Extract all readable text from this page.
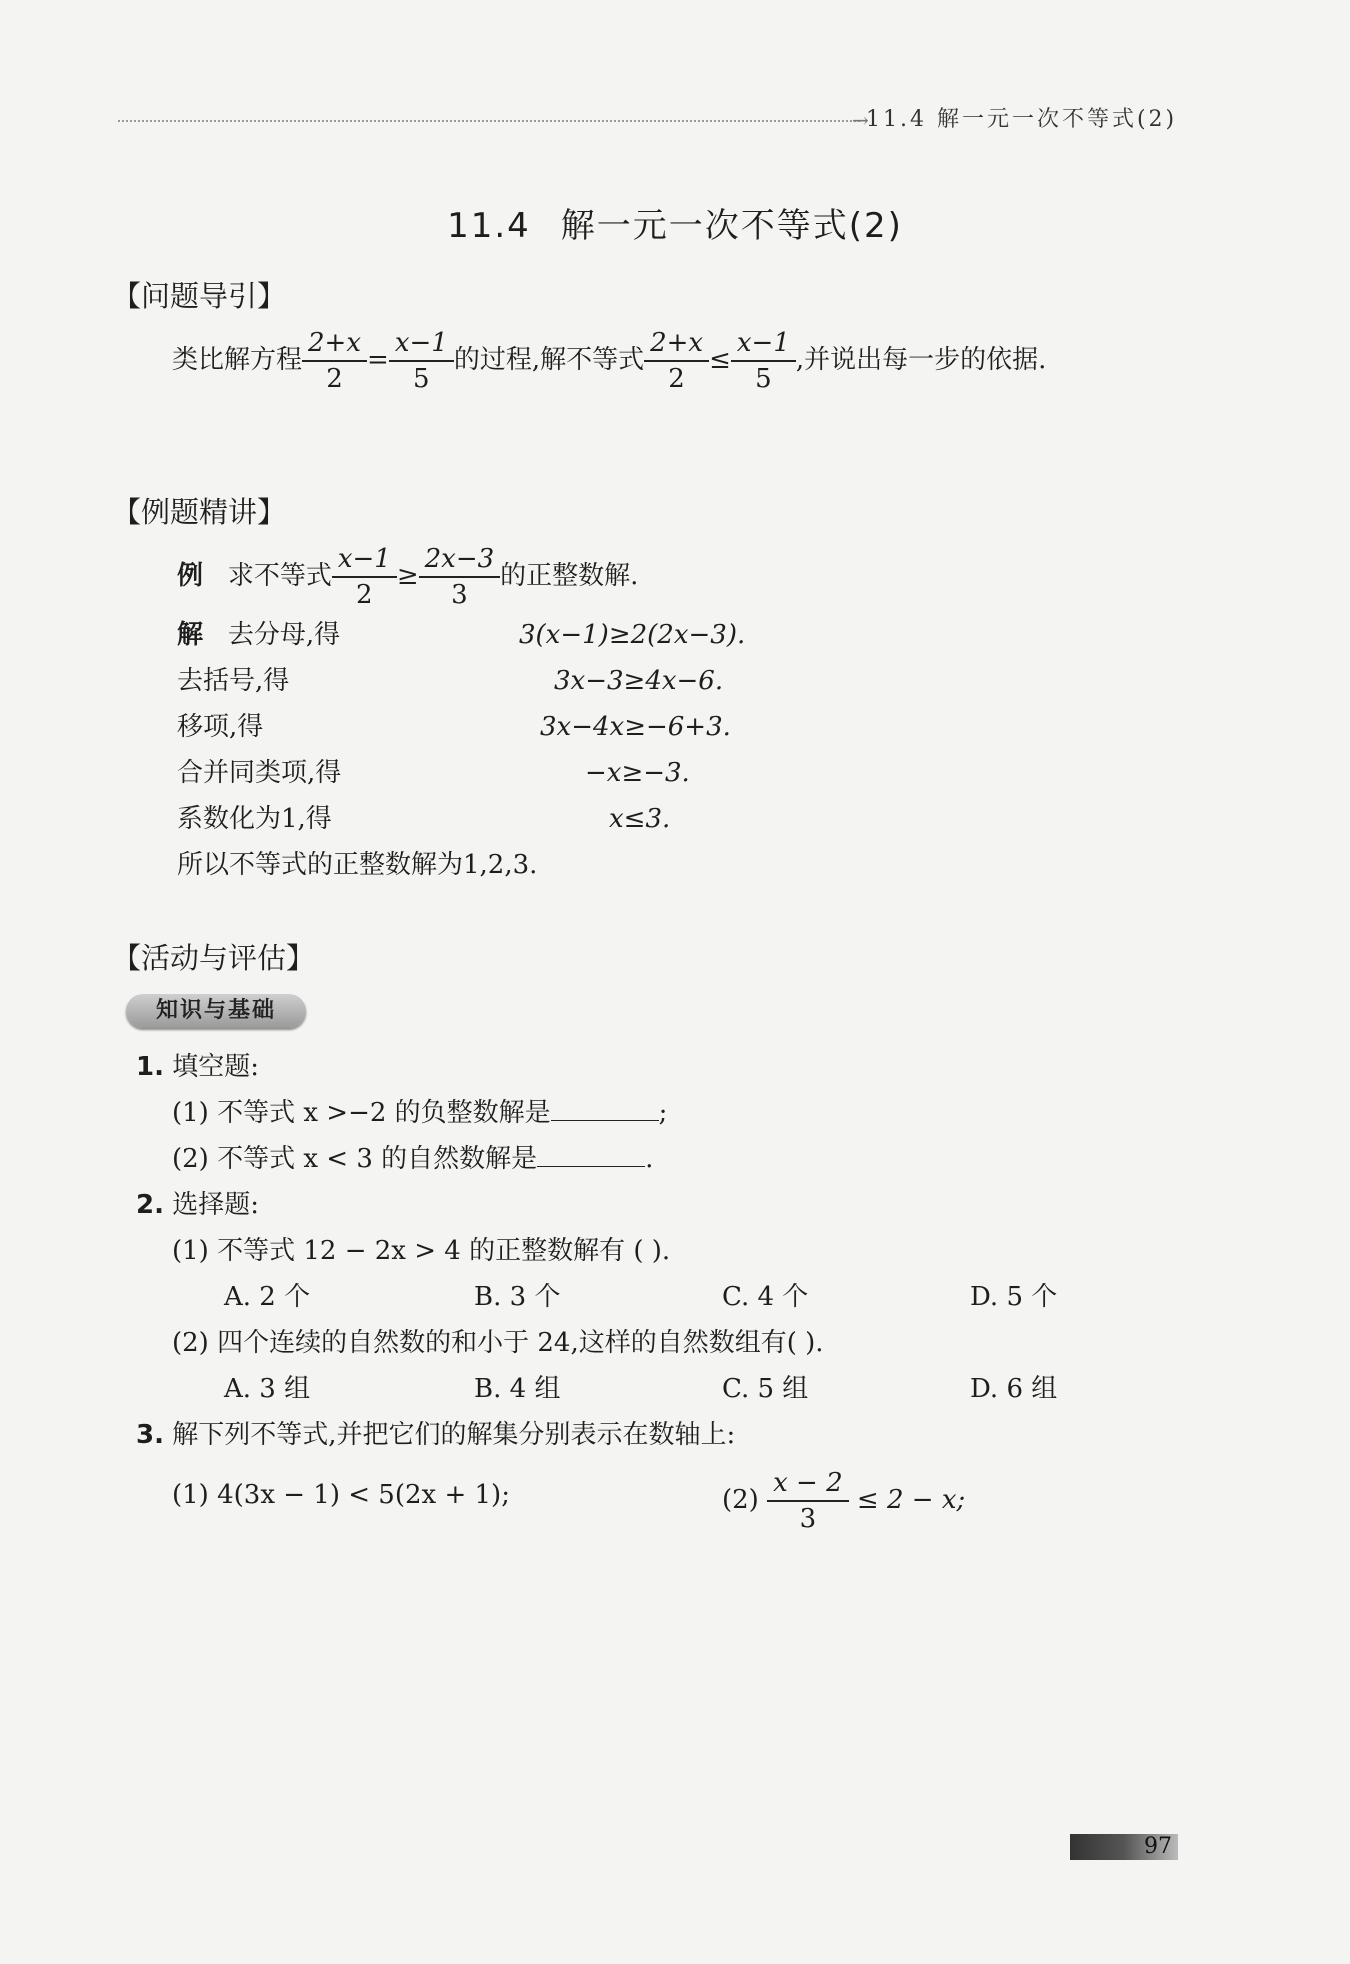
→
11.4 解一元一次不等式(2)
11.4 解一元一次不等式(2)
【问题导引】
类比解方程 $\frac{2+x}{2} = \frac{x-1}{5}$ 的过程,解不等式 $\frac{2+x}{2} \le \frac{x-1}{5}$ ,并说出每一步的依据.
【例题精讲】
例 求不等式 $\frac{x-1}{2} \ge \frac{2x-3}{3}$ 的正整数解.
解 去分母,得	3(x−1)≥2(2x−3).
去括号,得	3x−3≥4x−6.
移项,得	3x−4x≥−6+3.
合并同类项,得	−x≥−3.
系数化为1,得	x≤3.
所以不等式的正整数解为1,2,3.
【活动与评估】
知识与基础
1. 填空题:
(1) 不等式 x >−2 的负整数解是	;
(2) 不等式 x < 3 的自然数解是	.
2. 选择题:
(1) 不等式 12 − 2x > 4 的正整数解有 ( ).
A. 2 个	B. 3 个	C. 4 个	D. 5 个
(2) 四个连续的自然数的和小于 24,这样的自然数组有( ).
A. 3 组	B. 4 组	C. 5 组	D. 6 组
3. 解下列不等式,并把它们的解集分别表示在数轴上:
(1) 4(3x − 1) < 5(2x + 1);	$(2) \frac{x - 2}{3} \le 2 - x$;
97
